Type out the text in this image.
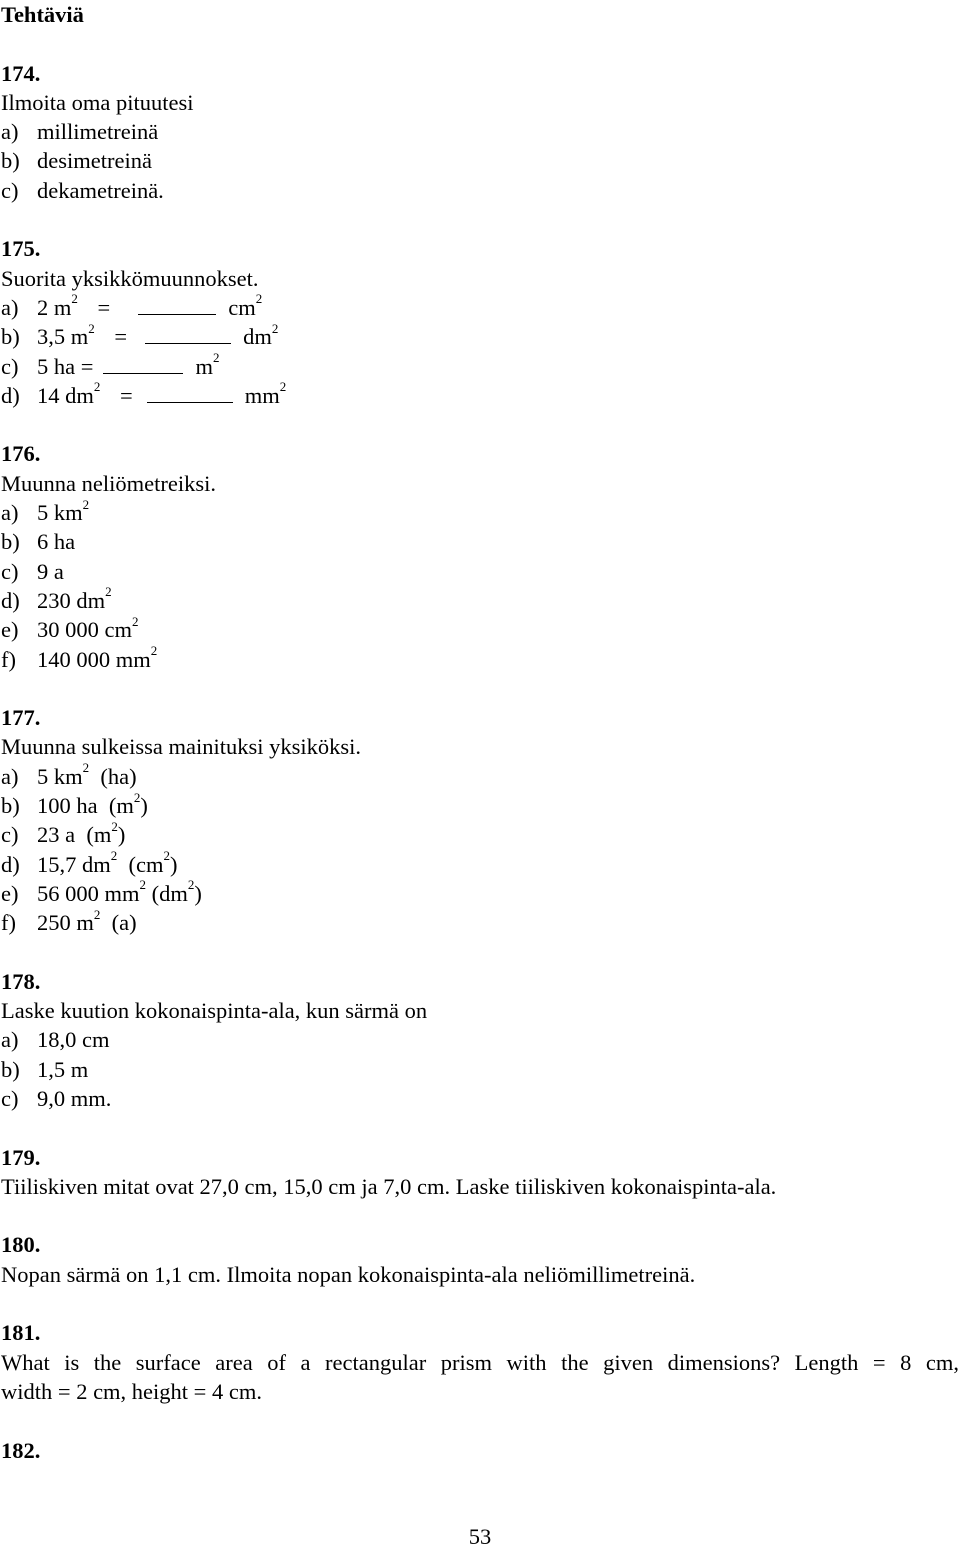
Tehtäviä

174.

Ilmoita oma pituutesi

a) millimetreinä

b) desimetreinä

c) dekametreinä.

175.

Suorita yksikkömuunnokset.

a) 2 $m^2$ =	$cm^2$

b) 3,5 $m^2$ =	$dm^2$

c) 5 ha =	$m^2$

d) 14 $dm^2$ =	$mm^2$

176.

Muunna neliömetreiksi.

a) 5 $km^2$

b) 6 ha

c) 9 a

d) 230 $dm^2$

e) 30 000 $cm^2$

f) 140 000 $mm^2$

177.

Muunna sulkeissa mainituksi yksiköksi.

a) 5 $km^2$ (ha)

b) 100 ha $(m^2)$

c) 23 a $(m^2)$

d) 15,7 $dm^2$ $(cm^2)$

e) 56 000 $mm^2$ $(dm^2)$

f) 250 $m^2$ (a)

178.

Laske kuution kokonaispinta-ala, kun särmä on

a) 18,0 cm

b) 1,5 m

c) 9,0 mm.

179.

Tiiliskiven mitat ovat 27,0 cm, 15,0 cm ja 7,0 cm. Laske tiiliskiven kokonaispinta-ala.

180.

Nopan särmä on 1,1 cm. Ilmoita nopan kokonaispinta-ala neliömillimetreinä.

181.

What is the surface area of a rectangular prism with the given dimensions? Length = 8 cm,

width = 2 cm, height = 4 cm.

182.

53
